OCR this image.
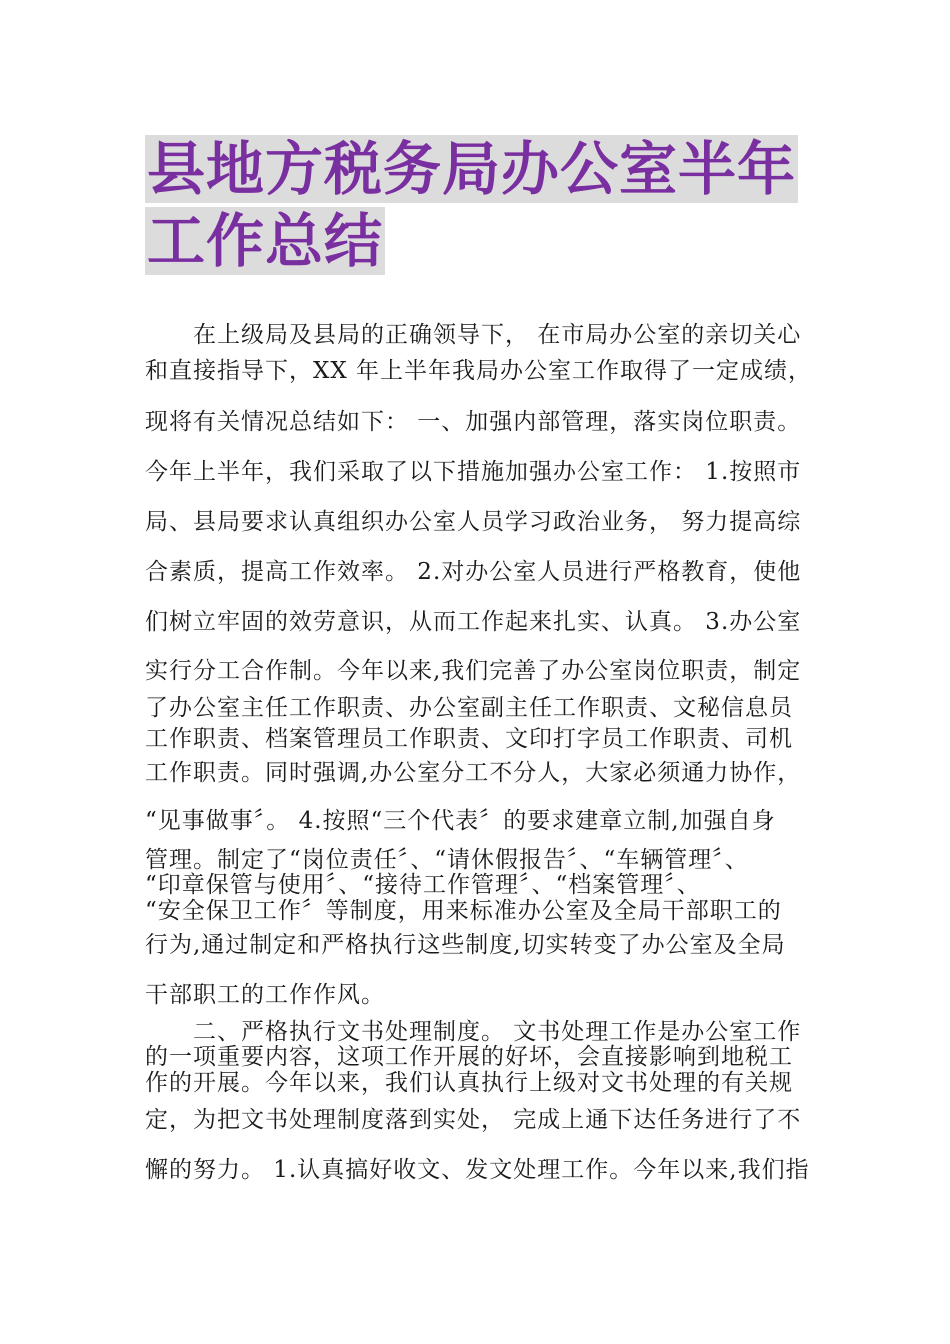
县地方税务局办公室半年
工作总结
　　在上级局及县局的正确领导下， 在市局办公室的亲切关心
和直接指导下，XX 年上半年我局办公室工作取得了一定成绩，
现将有关情况总结如下： 一、加强内部管理，落实岗位职责。
今年上半年，我们采取了以下措施加强办公室工作： 1.按照市
局、县局要求认真组织办公室人员学习政治业务， 努力提高综
合素质，提高工作效率。 2.对办公室人员进行严格教育，使他
们树立牢固的效劳意识，从而工作起来扎实、认真。 3.办公室
实行分工合作制。今年以来,我们完善了办公室岗位职责，制定
了办公室主任工作职责、办公室副主任工作职责、文秘信息员
工作职责、档案管理员工作职责、文印打字员工作职责、司机
工作职责。同时强调,办公室分工不分人，大家必须通力协作，
“见事做事〞。 4.按照“三个代表〞的要求建章立制,加强自身
管理。制定了“岗位责任〞、“请休假报告〞、“车辆管理〞、
“印章保管与使用〞、“接待工作管理〞、“档案管理〞、
“安全保卫工作〞等制度，用来标准办公室及全局干部职工的
行为,通过制定和严格执行这些制度,切实转变了办公室及全局
干部职工的工作作风。
　　二、严格执行文书处理制度。 文书处理工作是办公室工作
的一项重要内容，这项工作开展的好坏，会直接影响到地税工
作的开展。今年以来，我们认真执行上级对文书处理的有关规
定，为把文书处理制度落到实处， 完成上通下达任务进行了不
懈的努力。 1.认真搞好收文、发文处理工作。今年以来,我们指
